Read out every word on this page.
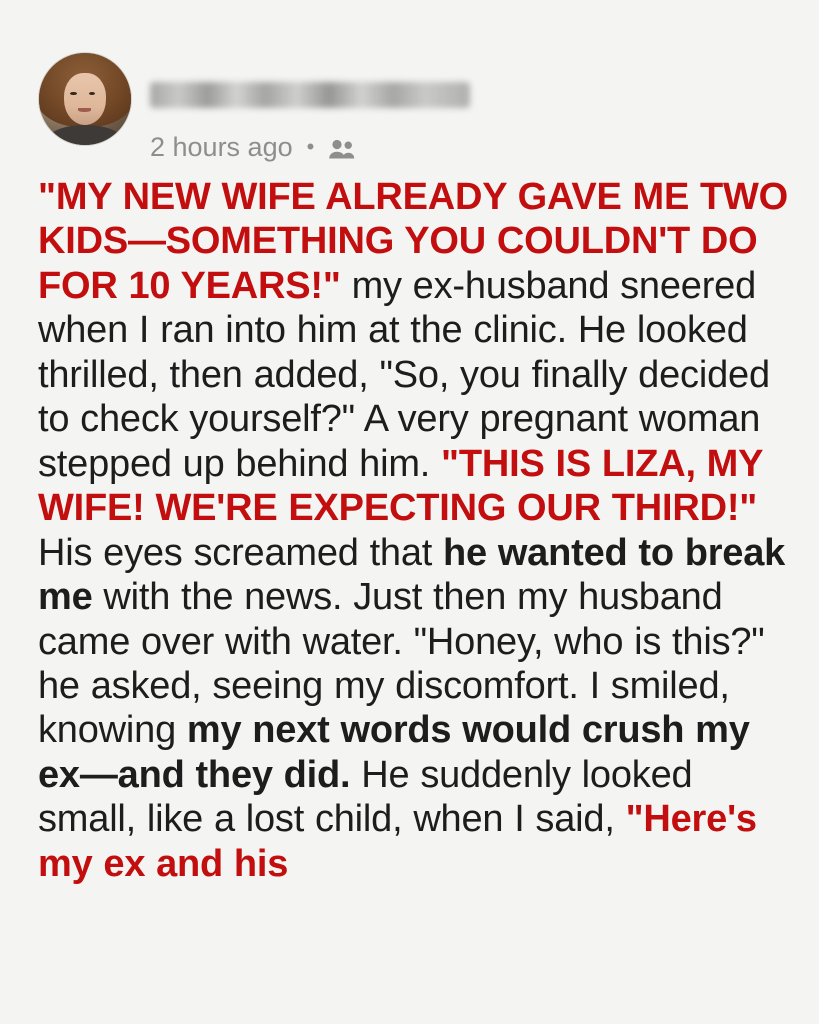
2 hours ago •

"MY NEW WIFE ALREADY GAVE ME TWO KIDS—SOMETHING YOU COULDN'T DO FOR 10 YEARS!" my ex-husband sneered when I ran into him at the clinic. He looked thrilled, then added, "So, you finally decided to check yourself?" A very pregnant woman stepped up behind him. "THIS IS LIZA, MY WIFE! WE'RE EXPECTING OUR THIRD!" His eyes screamed that he wanted to break me with the news. Just then my husband came over with water. "Honey, who is this?" he asked, seeing my discomfort. I smiled, knowing my next words would crush my ex—and they did. He suddenly looked small, like a lost child, when I said, "Here's my ex and his
